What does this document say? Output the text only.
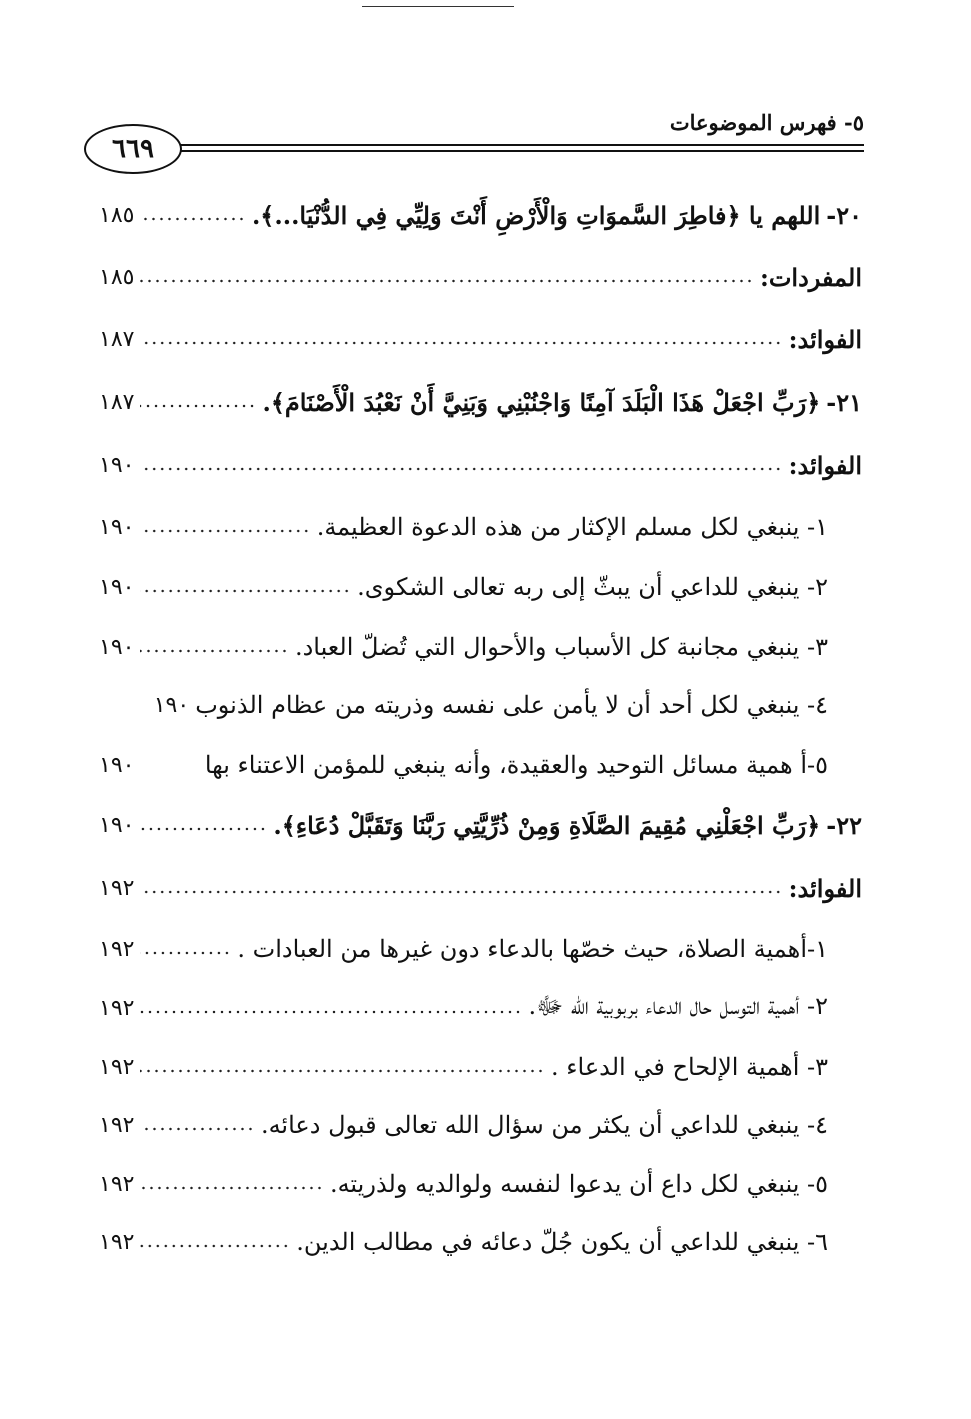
٦٦٩
٥- فهرس الموضوعات
٢٠-
اللهم يا ﴿فاطِرَ السَّموَاتِ وَالْأَرْضِ أَنْتَ وَلِيِّي فِي الدُّنْيَا...﴾.
١٨٥
المفردات:
١٨٥
الفوائد:
١٨٧
٢١-
﴿رَبِّ اجْعَلْ هَذَا الْبَلَدَ آمِنًا وَاجْنُبْنِي وَبَنِيَّ أَنْ نَعْبُدَ الْأَصْنَامَ﴾.
١٨٧
الفوائد:
١٩٠
١- ينبغي لكل مسلم الإكثار من هذه الدعوة العظيمة.
١٩٠
٢- ينبغي للداعي أن يبثّ إلى ربه تعالى الشكوى.
١٩٠
٣- ينبغي مجانبة كل الأسباب والأحوال التي تُضلّ العباد.
١٩٠
٤- ينبغي لكل أحد أن لا يأمن على نفسه وذريته من عظام الذنوب
١٩٠
٥-أ همية مسائل التوحيد والعقيدة، وأنه ينبغي للمؤمن الاعتناء بها
١٩٠
٢٢-
﴿رَبِّ اجْعَلْنِي مُقِيمَ الصَّلَاةِ وَمِنْ ذُرِّيَّتِي رَبَّنَا وَتَقَبَّلْ دُعَاءِ﴾.
١٩٠
الفوائد:
١٩٢
١-أهمية الصلاة، حيث خصّها بالدعاء دون غيرها من العبادات .
١٩٢
٢- أهمية التوسل حال الدعاء بربوبية الله ﷻ.
١٩٢
٣- أهمية الإلحاح في الدعاء .
١٩٢
٤- ينبغي للداعي أن يكثر من سؤال الله تعالى قبول دعائه.
١٩٢
٥- ينبغي لكل داع أن يدعوا لنفسه ولوالديه ولذريته.
١٩٢
٦- ينبغي للداعي أن يكون جُلّ دعائه في مطالب الدين.
١٩٢
